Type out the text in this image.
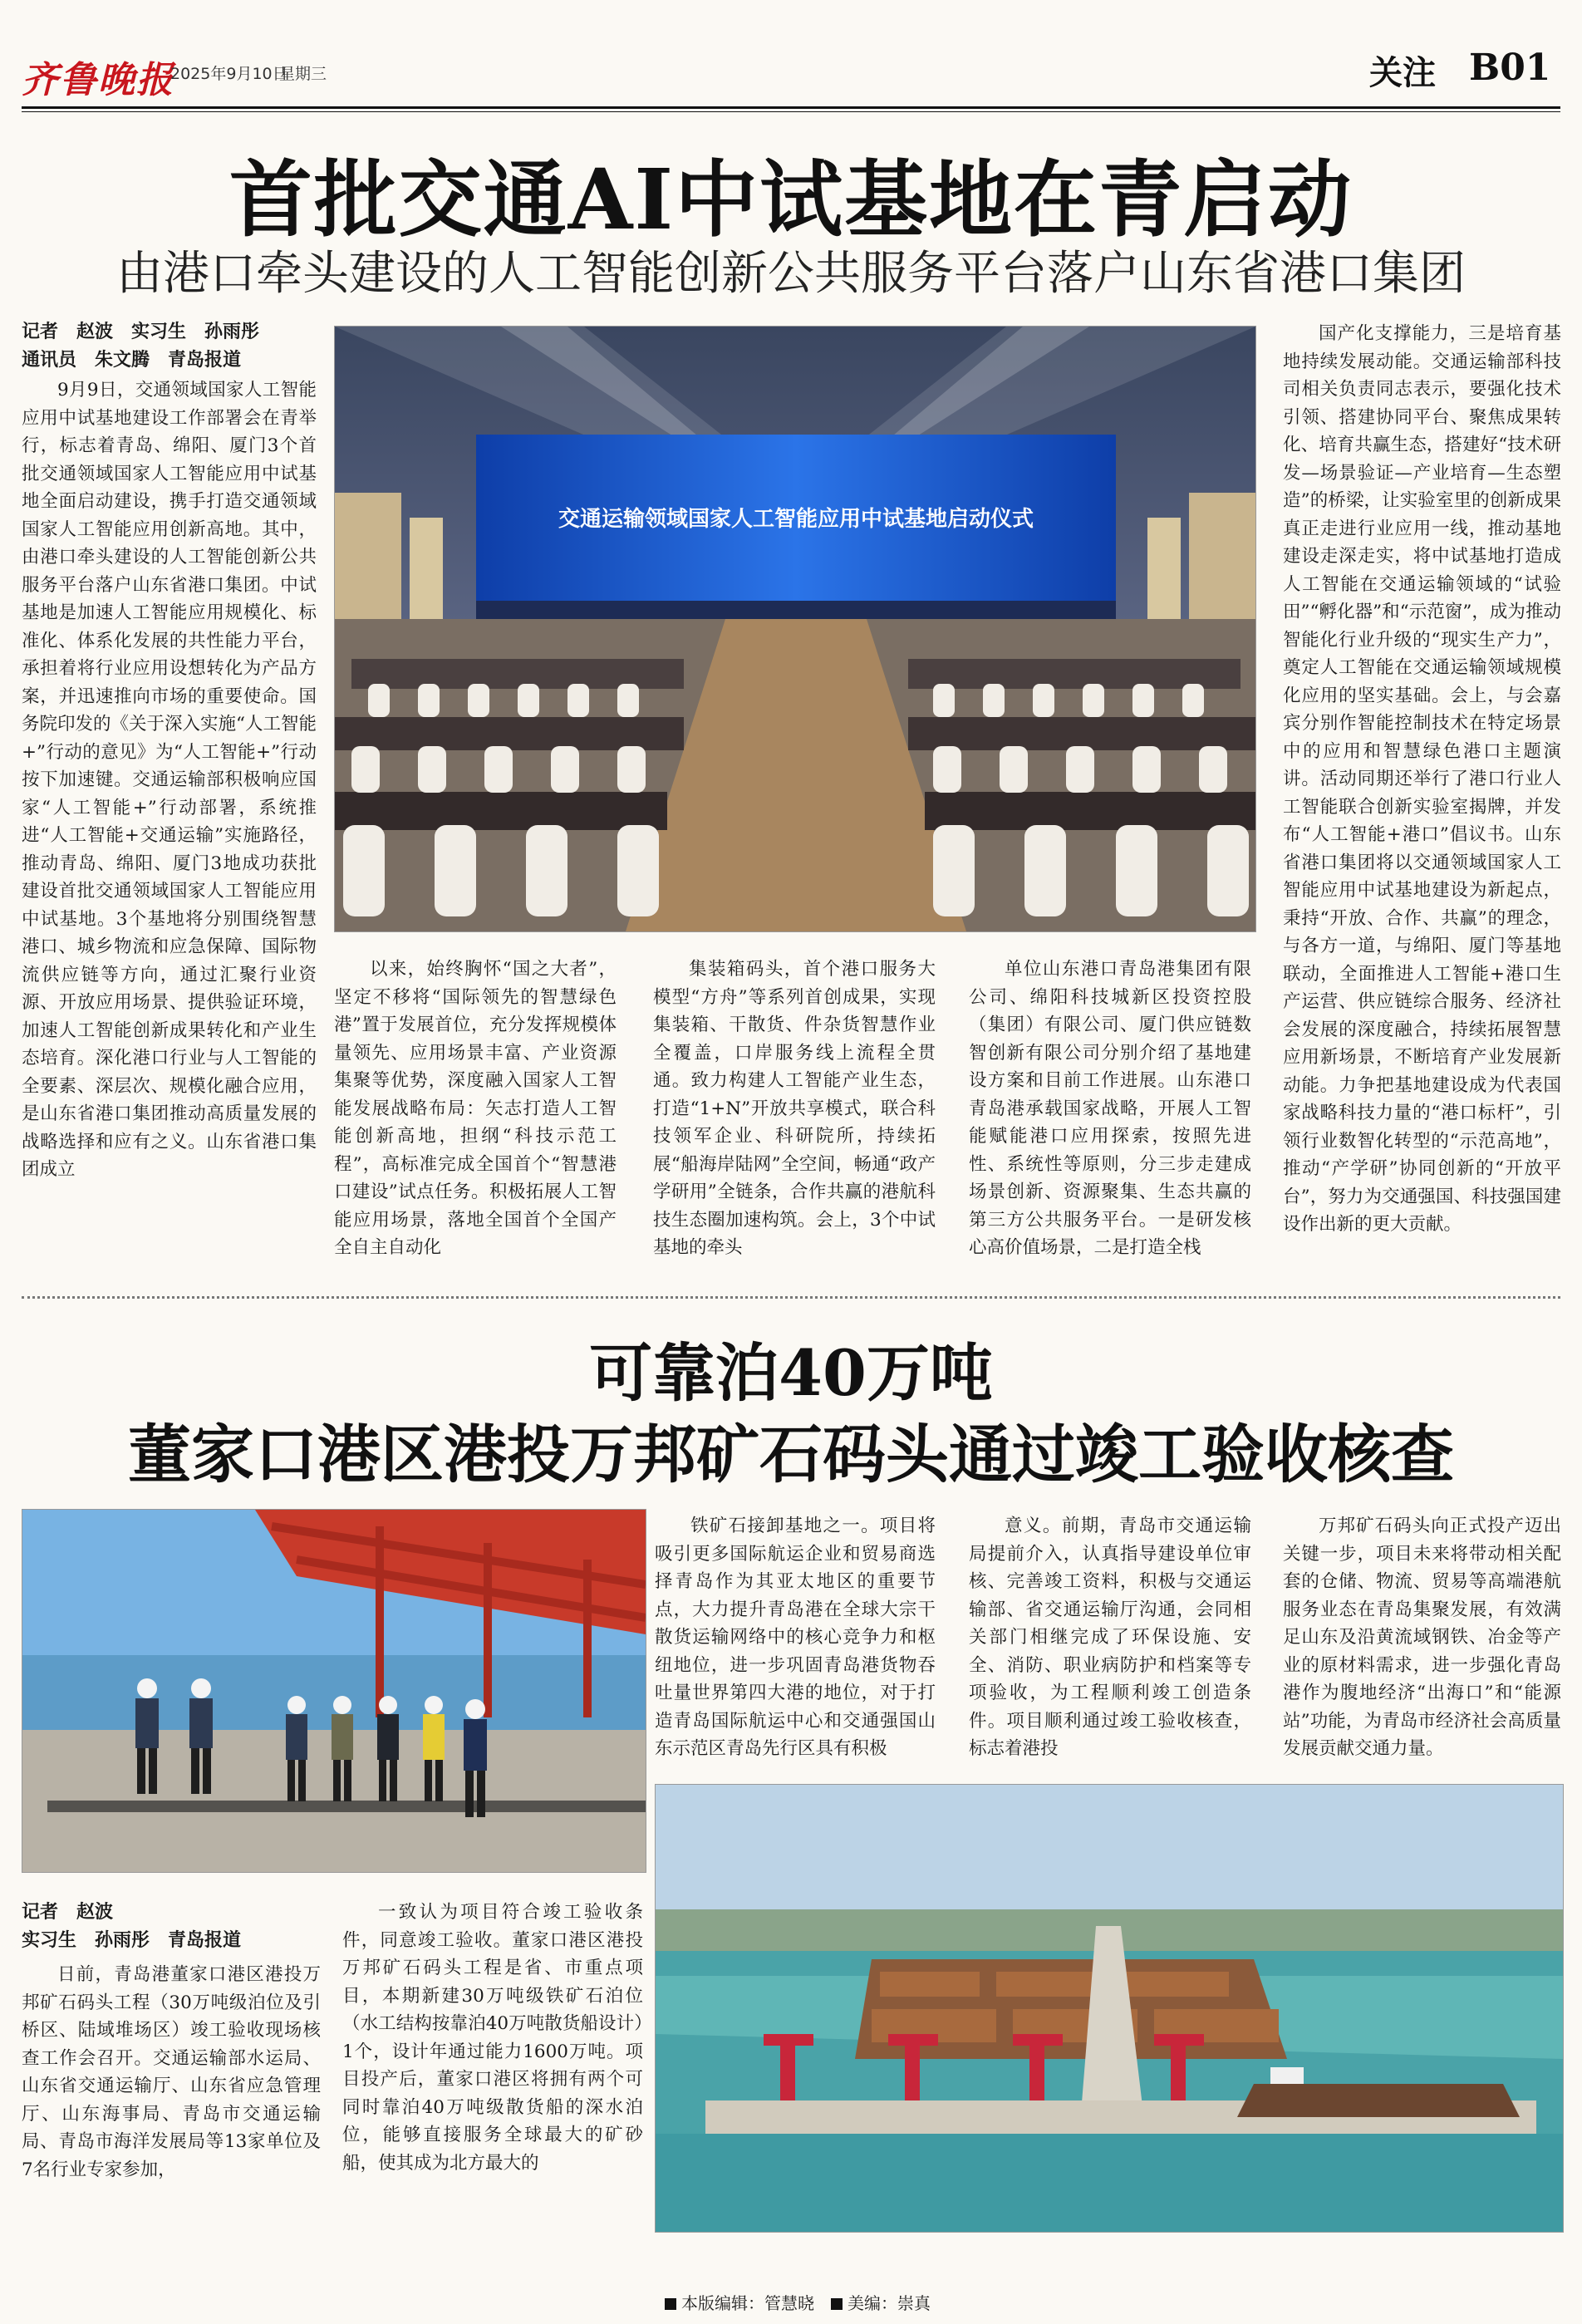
齐鲁晚报
2025年9月10日
星期三	关注 B01
首批交通AI中试基地在青启动
由港口牵头建设的人工智能创新公共服务平台落户山东省港口集团
记者　赵波　实习生　孙雨彤
通讯员　朱文腾　青岛报道
交通运输领域国家人工智能应用中试基地启动仪式

9月9日，交通领域国家人工智能应用中试基地建设工作部署会在青举行，标志着青岛、绵阳、厦门3个首批交通领域国家人工智能应用中试基地全面启动建设，携手打造交通领域国家人工智能应用创新高地。其中，由港口牵头建设的人工智能创新公共服务平台落户山东省港口集团。中试基地是加速人工智能应用规模化、标准化、体系化发展的共性能力平台，承担着将行业应用设想转化为产品方案，并迅速推向市场的重要使命。国务院印发的《关于深入实施“人工智能+”行动的意见》为“人工智能+”行动按下加速键。交通运输部积极响应国家“人工智能+”行动部署，系统推进“人工智能+交通运输”实施路径，推动青岛、绵阳、厦门3地成功获批建设首批交通领域国家人工智能应用中试基地。3个基地将分别围绕智慧港口、城乡物流和应急保障、国际物流供应链等方向，通过汇聚行业资源、开放应用场景、提供验证环境，加速人工智能创新成果转化和产业生态培育。深化港口行业与人工智能的全要素、深层次、规模化融合应用，是山东省港口集团推动高质量发展的战略选择和应有之义。山东省港口集团成立

以来，始终胸怀“国之大者”，坚定不移将“国际领先的智慧绿色港”置于发展首位，充分发挥规模体量领先、应用场景丰富、产业资源集聚等优势，深度融入国家人工智能发展战略布局：矢志打造人工智能创新高地，担纲“科技示范工程”，高标准完成全国首个“智慧港口建设”试点任务。积极拓展人工智能应用场景，落地全国首个全国产全自主自动化

集装箱码头，首个港口服务大模型“方舟”等系列首创成果，实现集装箱、干散货、件杂货智慧作业全覆盖，口岸服务线上流程全贯通。致力构建人工智能产业生态，打造“1+N”开放共享模式，联合科技领军企业、科研院所，持续拓展“船海岸陆网”全空间，畅通“政产学研用”全链条，合作共赢的港航科技生态圈加速构筑。会上，3个中试基地的牵头

单位山东港口青岛港集团有限公司、绵阳科技城新区投资控股（集团）有限公司、厦门供应链数智创新有限公司分别介绍了基地建设方案和目前工作进展。山东港口青岛港承载国家战略，开展人工智能赋能港口应用探索，按照先进性、系统性等原则，分三步走建成场景创新、资源聚集、生态共赢的第三方公共服务平台。一是研发核心高价值场景，二是打造全栈

国产化支撑能力，三是培育基地持续发展动能。交通运输部科技司相关负责同志表示，要强化技术引领、搭建协同平台、聚焦成果转化、培育共赢生态，搭建好“技术研发—场景验证—产业培育—生态塑造”的桥梁，让实验室里的创新成果真正走进行业应用一线，推动基地建设走深走实，将中试基地打造成人工智能在交通运输领域的“试验田”“孵化器”和“示范窗”，成为推动智能化行业升级的“现实生产力”，奠定人工智能在交通运输领域规模化应用的坚实基础。会上，与会嘉宾分别作智能控制技术在特定场景中的应用和智慧绿色港口主题演讲。活动同期还举行了港口行业人工智能联合创新实验室揭牌，并发布“人工智能+港口”倡议书。山东省港口集团将以交通领域国家人工智能应用中试基地建设为新起点，秉持“开放、合作、共赢”的理念，与各方一道，与绵阳、厦门等基地联动，全面推进人工智能+港口生产运营、供应链综合服务、经济社会发展的深度融合，持续拓展智慧应用新场景，不断培育产业发展新动能。力争把基地建设成为代表国家战略科技力量的“港口标杆”，引领行业数智化转型的“示范高地”，推动“产学研”协同创新的“开放平台”，努力为交通强国、科技强国建设作出新的更大贡献。

可靠泊40万吨
董家口港区港投万邦矿石码头通过竣工验收核查
记者　赵波
实习生　孙雨彤　青岛报道

日前，青岛港董家口港区港投万邦矿石码头工程（30万吨级泊位及引桥区、陆域堆场区）竣工验收现场核查工作会召开。交通运输部水运局、山东省交通运输厅、山东省应急管理厅、山东海事局、青岛市交通运输局、青岛市海洋发展局等13家单位及7名行业专家参加，

一致认为项目符合竣工验收条件，同意竣工验收。董家口港区港投万邦矿石码头工程是省、市重点项目，本期新建30万吨级铁矿石泊位（水工结构按靠泊40万吨散货船设计）1个，设计年通过能力1600万吨。项目投产后，董家口港区将拥有两个可同时靠泊40万吨级散货船的深水泊位，能够直接服务全球最大的矿砂船，使其成为北方最大的

铁矿石接卸基地之一。项目将吸引更多国际航运企业和贸易商选择青岛作为其亚太地区的重要节点，大力提升青岛港在全球大宗干散货运输网络中的核心竞争力和枢纽地位，进一步巩固青岛港货物吞吐量世界第四大港的地位，对于打造青岛国际航运中心和交通强国山东示范区青岛先行区具有积极

意义。前期，青岛市交通运输局提前介入，认真指导建设单位审核、完善竣工资料，积极与交通运输部、省交通运输厅沟通，会同相关部门相继完成了环保设施、安全、消防、职业病防护和档案等专项验收，为工程顺利竣工创造条件。项目顺利通过竣工验收核查，标志着港投

万邦矿石码头向正式投产迈出关键一步，项目未来将带动相关配套的仓储、物流、贸易等高端港航服务业态在青岛集聚发展，有效满足山东及沿黄流域钢铁、冶金等产业的原材料需求，进一步强化青岛港作为腹地经济“出海口”和“能源站”功能，为青岛市经济社会高质量发展贡献交通力量。

本版编辑：管慧晓	美编：崇真
